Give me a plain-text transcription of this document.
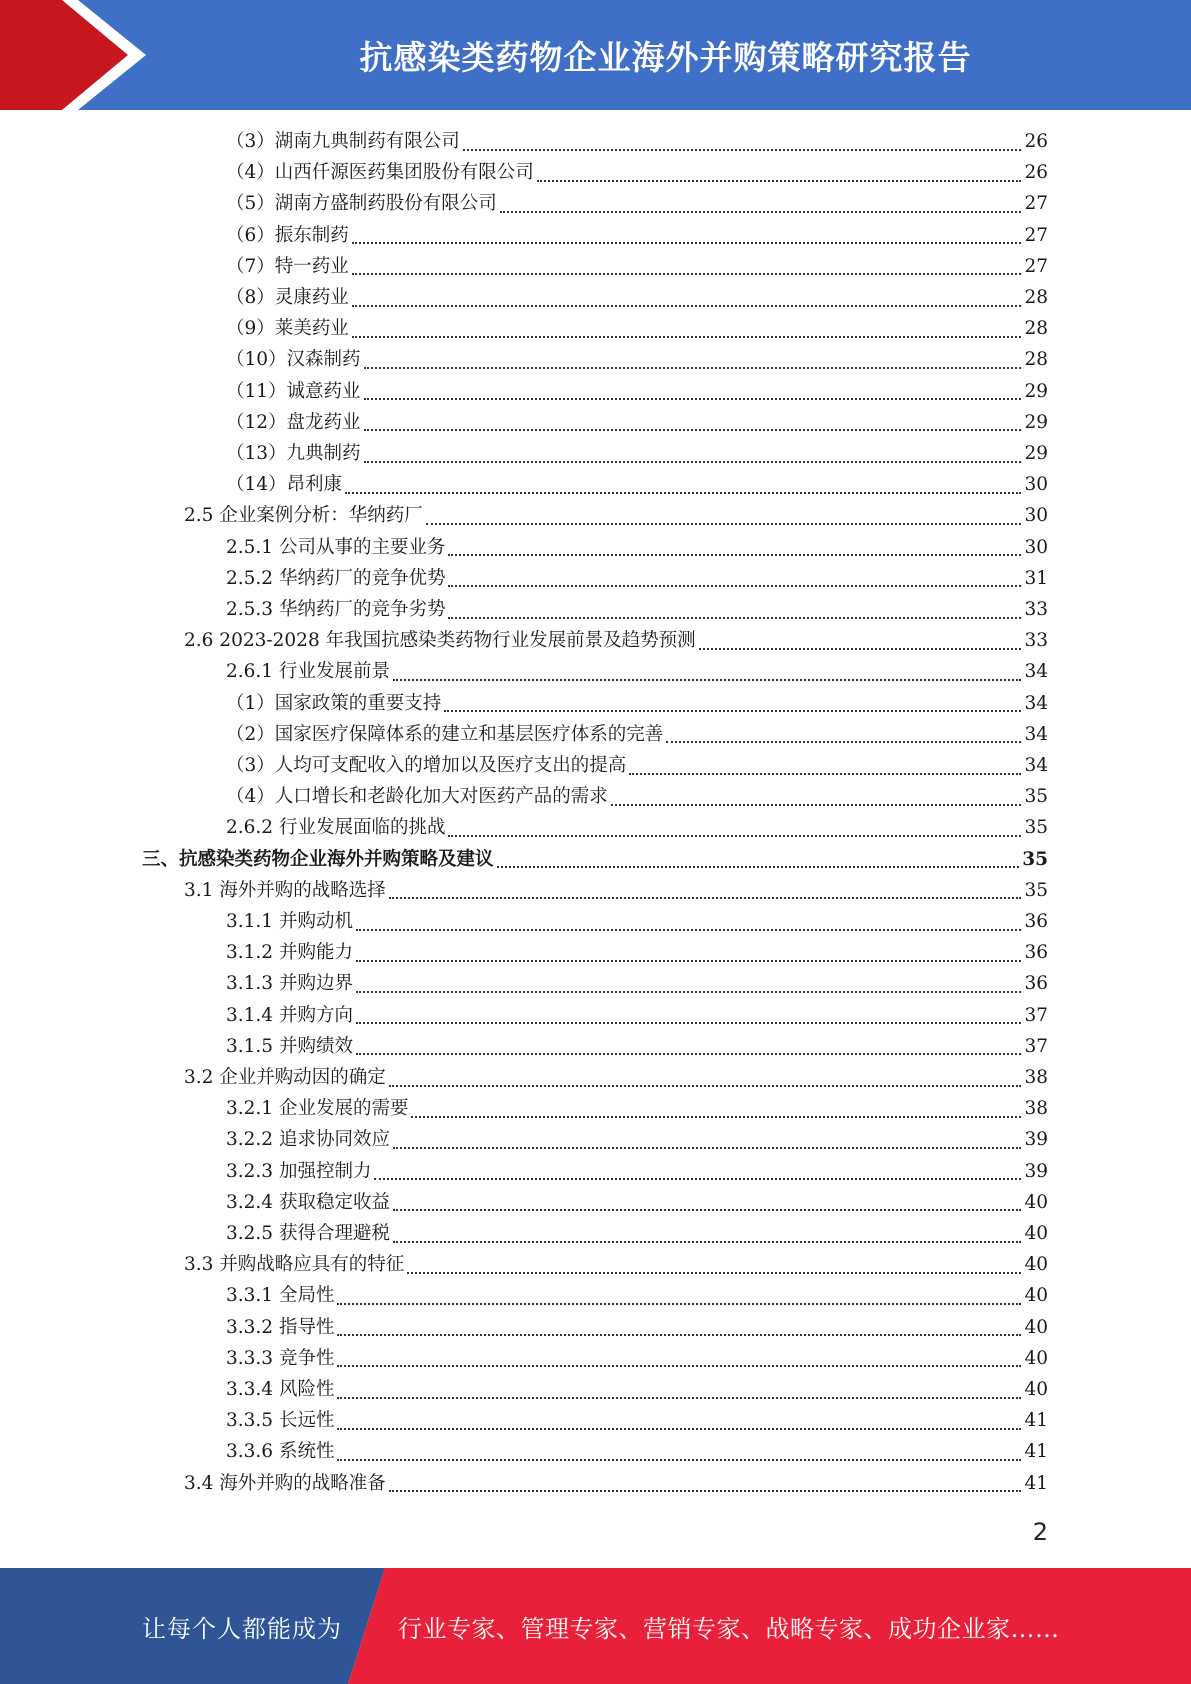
抗感染类药物企业海外并购策略研究报告
（3）湖南九典制药有限公司	26
（4）山西仟源医药集团股份有限公司	26
（5）湖南方盛制药股份有限公司	27
（6）振东制药	27
（7）特一药业	27
（8）灵康药业	28
（9）莱美药业	28
（10）汉森制药	28
（11）诚意药业	29
（12）盘龙药业	29
（13）九典制药	29
（14）昂利康	30
2.5 企业案例分析：华纳药厂	30
2.5.1 公司从事的主要业务	30
2.5.2 华纳药厂的竞争优势	31
2.5.3 华纳药厂的竞争劣势	33
2.6 2023-2028 年我国抗感染类药物行业发展前景及趋势预测	33
2.6.1 行业发展前景	34
（1）国家政策的重要支持	34
（2）国家医疗保障体系的建立和基层医疗体系的完善	34
（3）人均可支配收入的增加以及医疗支出的提高	34
（4）人口增长和老龄化加大对医药产品的需求	35
2.6.2 行业发展面临的挑战	35
三、抗感染类药物企业海外并购策略及建议	35
3.1 海外并购的战略选择	35
3.1.1 并购动机	36
3.1.2 并购能力	36
3.1.3 并购边界	36
3.1.4 并购方向	37
3.1.5 并购绩效	37
3.2 企业并购动因的确定	38
3.2.1 企业发展的需要	38
3.2.2 追求协同效应	39
3.2.3 加强控制力	39
3.2.4 获取稳定收益	40
3.2.5 获得合理避税	40
3.3 并购战略应具有的特征	40
3.3.1 全局性	40
3.3.2 指导性	40
3.3.3 竞争性	40
3.3.4 风险性	40
3.3.5 长远性	41
3.3.6 系统性	41
3.4 海外并购的战略准备	41
2
让每个人都能成为 行业专家、管理专家、营销专家、战略专家、成功企业家……
